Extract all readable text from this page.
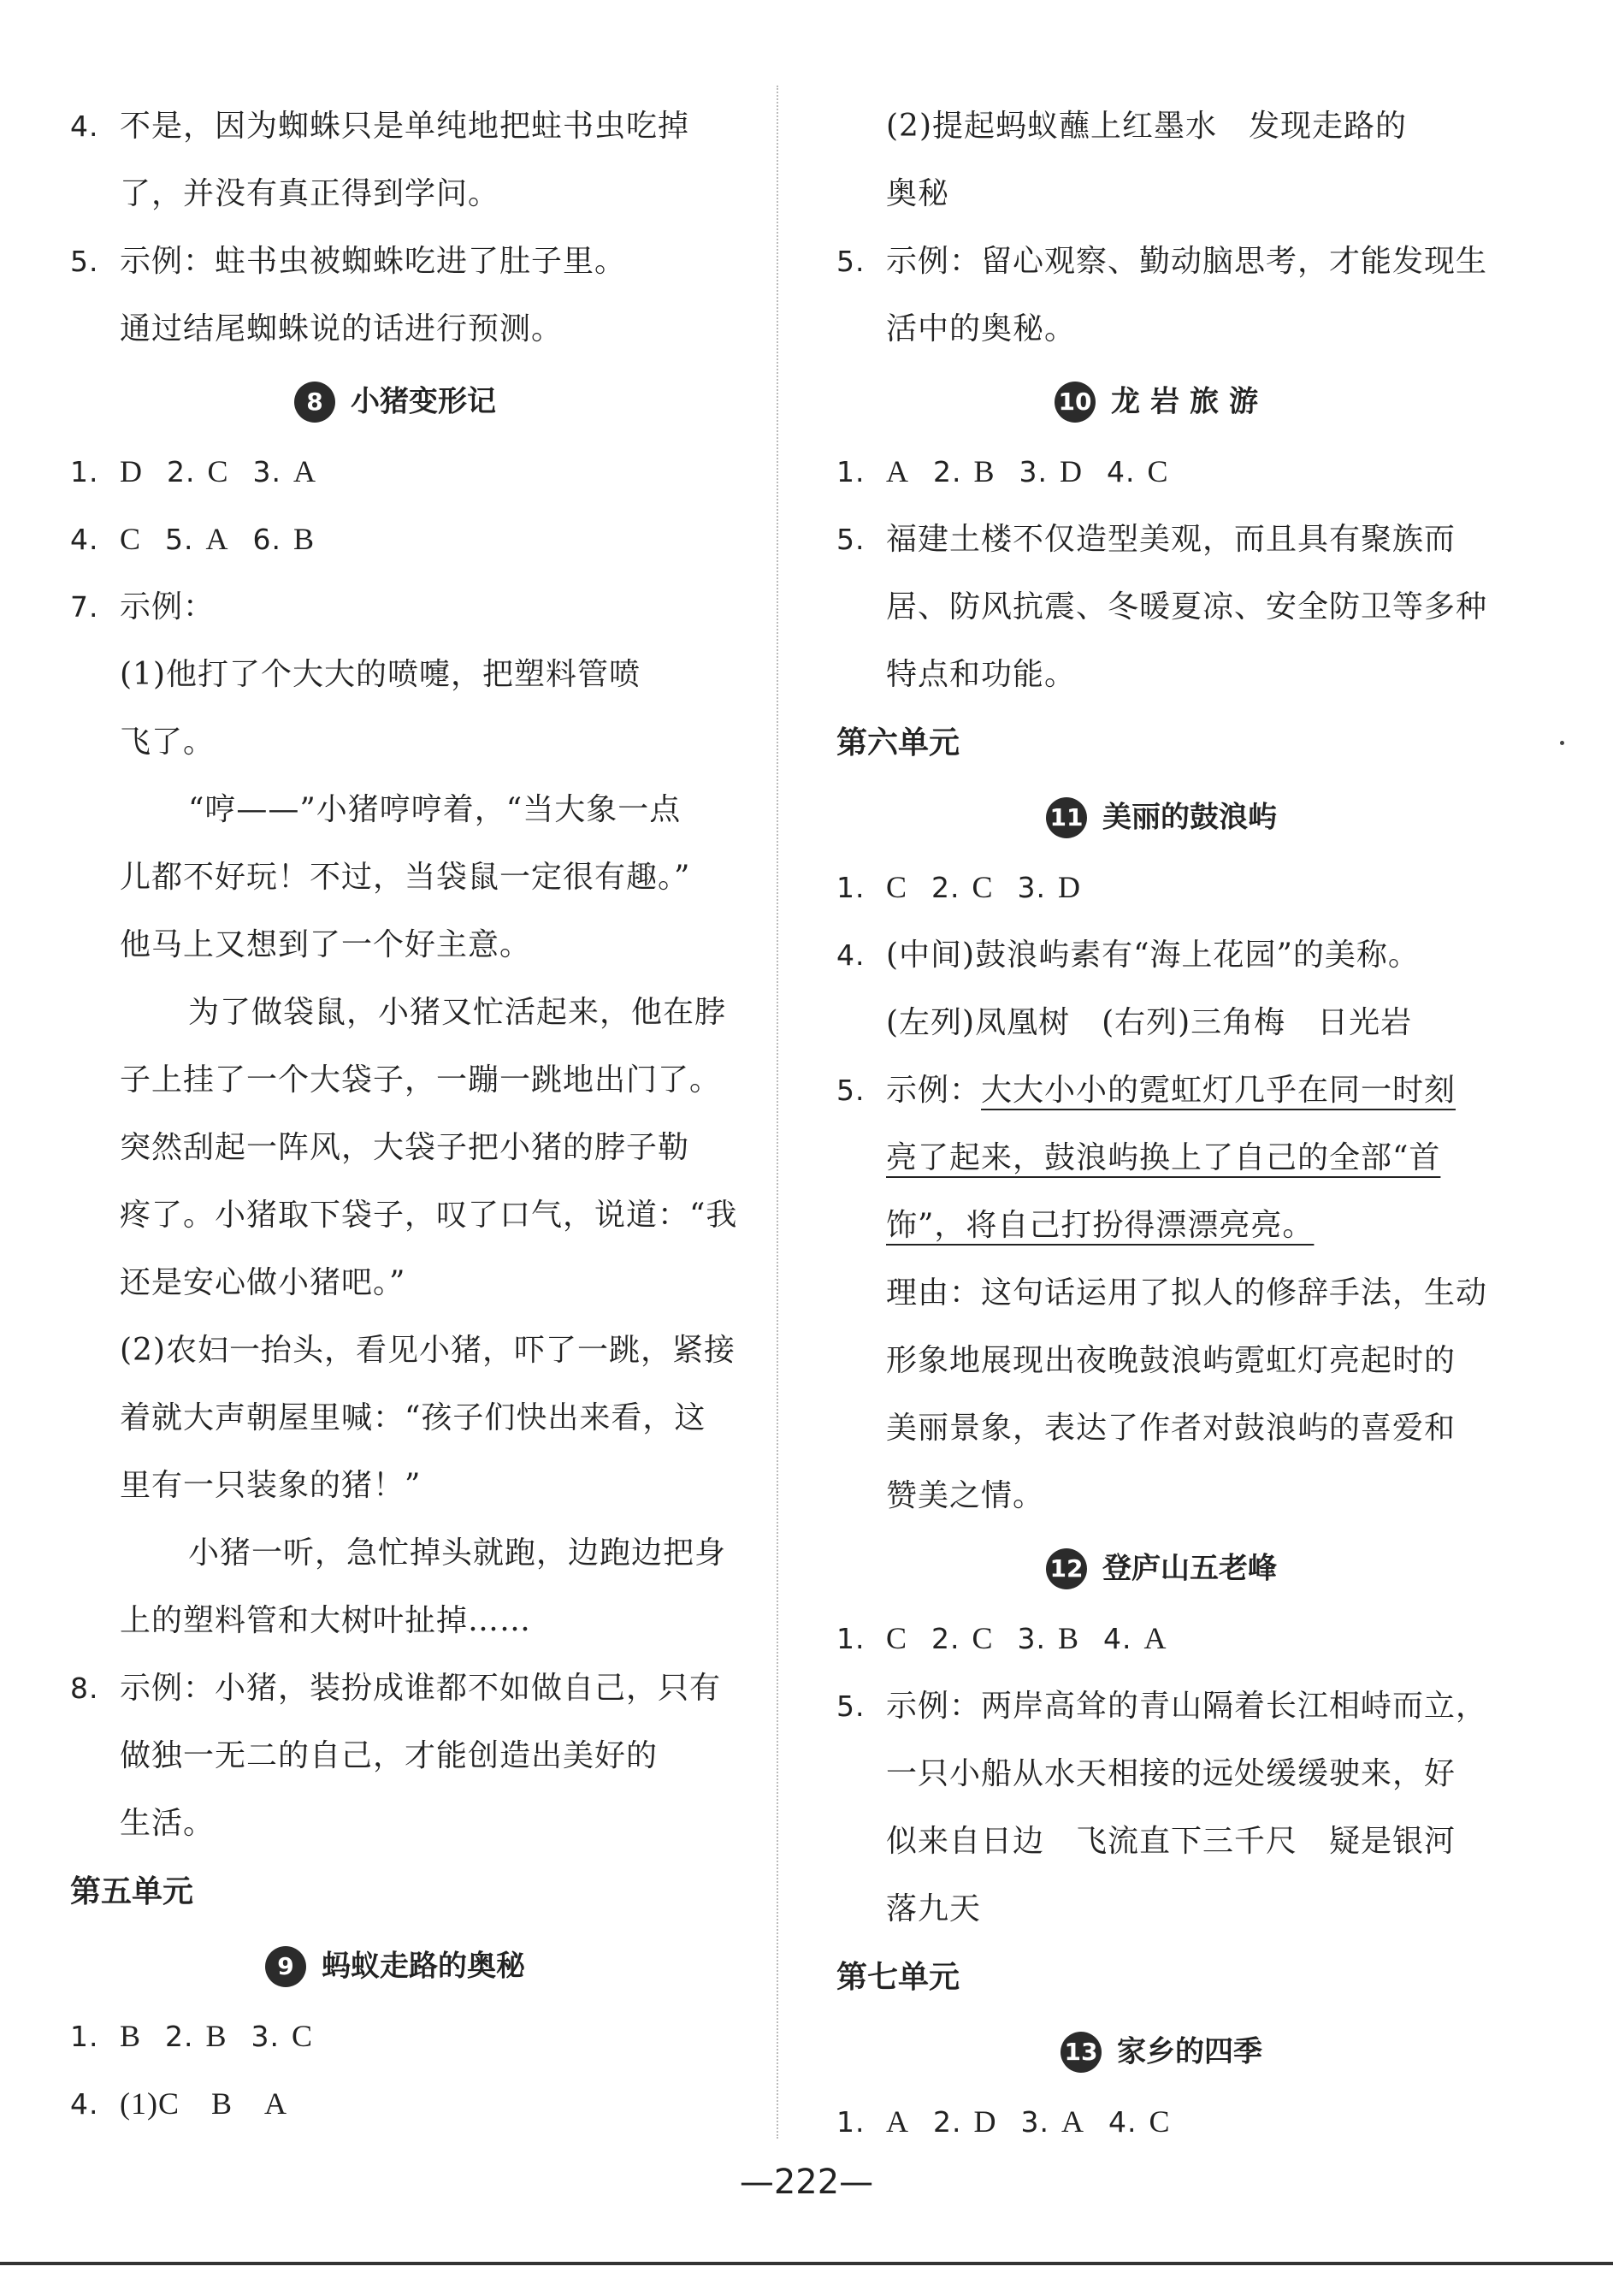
4. 不是，因为蜘蛛只是单纯地把蛀书虫吃掉
了，并没有真正得到学问。
5. 示例：蛀书虫被蜘蛛吃进了肚子里。
通过结尾蜘蛛说的话进行预测。
8 小猪变形记
1. D 2. C 3. A
4. C 5. A 6. B
7. 示例：
(1)他打了个大大的喷嚏，把塑料管喷
飞了。
“哼——”小猪哼哼着，“当大象一点
儿都不好玩！不过，当袋鼠一定很有趣。”
他马上又想到了一个好主意。
为了做袋鼠，小猪又忙活起来，他在脖
子上挂了一个大袋子，一蹦一跳地出门了。
突然刮起一阵风，大袋子把小猪的脖子勒
疼了。小猪取下袋子，叹了口气，说道：“我
还是安心做小猪吧。”
(2)农妇一抬头，看见小猪，吓了一跳，紧接
着就大声朝屋里喊：“孩子们快出来看，这
里有一只装象的猪！”
小猪一听，急忙掉头就跑，边跑边把身
上的塑料管和大树叶扯掉……
8. 示例：小猪，装扮成谁都不如做自己，只有
做独一无二的自己，才能创造出美好的
生活。
第五单元
9 蚂蚁走路的奥秘
1. B 2. B 3. C
4. (1)C　B　A
(2)提起蚂蚁蘸上红墨水　发现走路的
奥秘
5. 示例：留心观察、勤动脑思考，才能发现生
活中的奥秘。
10 龙岩旅游
1. A 2. B 3. D 4. C
5. 福建土楼不仅造型美观，而且具有聚族而
居、防风抗震、冬暖夏凉、安全防卫等多种
特点和功能。
第六单元
11 美丽的鼓浪屿
1. C 2. C 3. D
4. (中间)鼓浪屿素有“海上花园”的美称。
(左列)凤凰树　(右列)三角梅　日光岩
5. 示例：大大小小的霓虹灯几乎在同一时刻
亮了起来，鼓浪屿换上了自己的全部“首
饰”，将自己打扮得漂漂亮亮。
理由：这句话运用了拟人的修辞手法，生动
形象地展现出夜晚鼓浪屿霓虹灯亮起时的
美丽景象，表达了作者对鼓浪屿的喜爱和
赞美之情。
12 登庐山五老峰
1. C 2. C 3. B 4. A
5. 示例：两岸高耸的青山隔着长江相峙而立，
一只小船从水天相接的远处缓缓驶来，好
似来自日边　飞流直下三千尺　疑是银河
落九天
第七单元
13 家乡的四季
1. A 2. D 3. A 4. C
—222—
